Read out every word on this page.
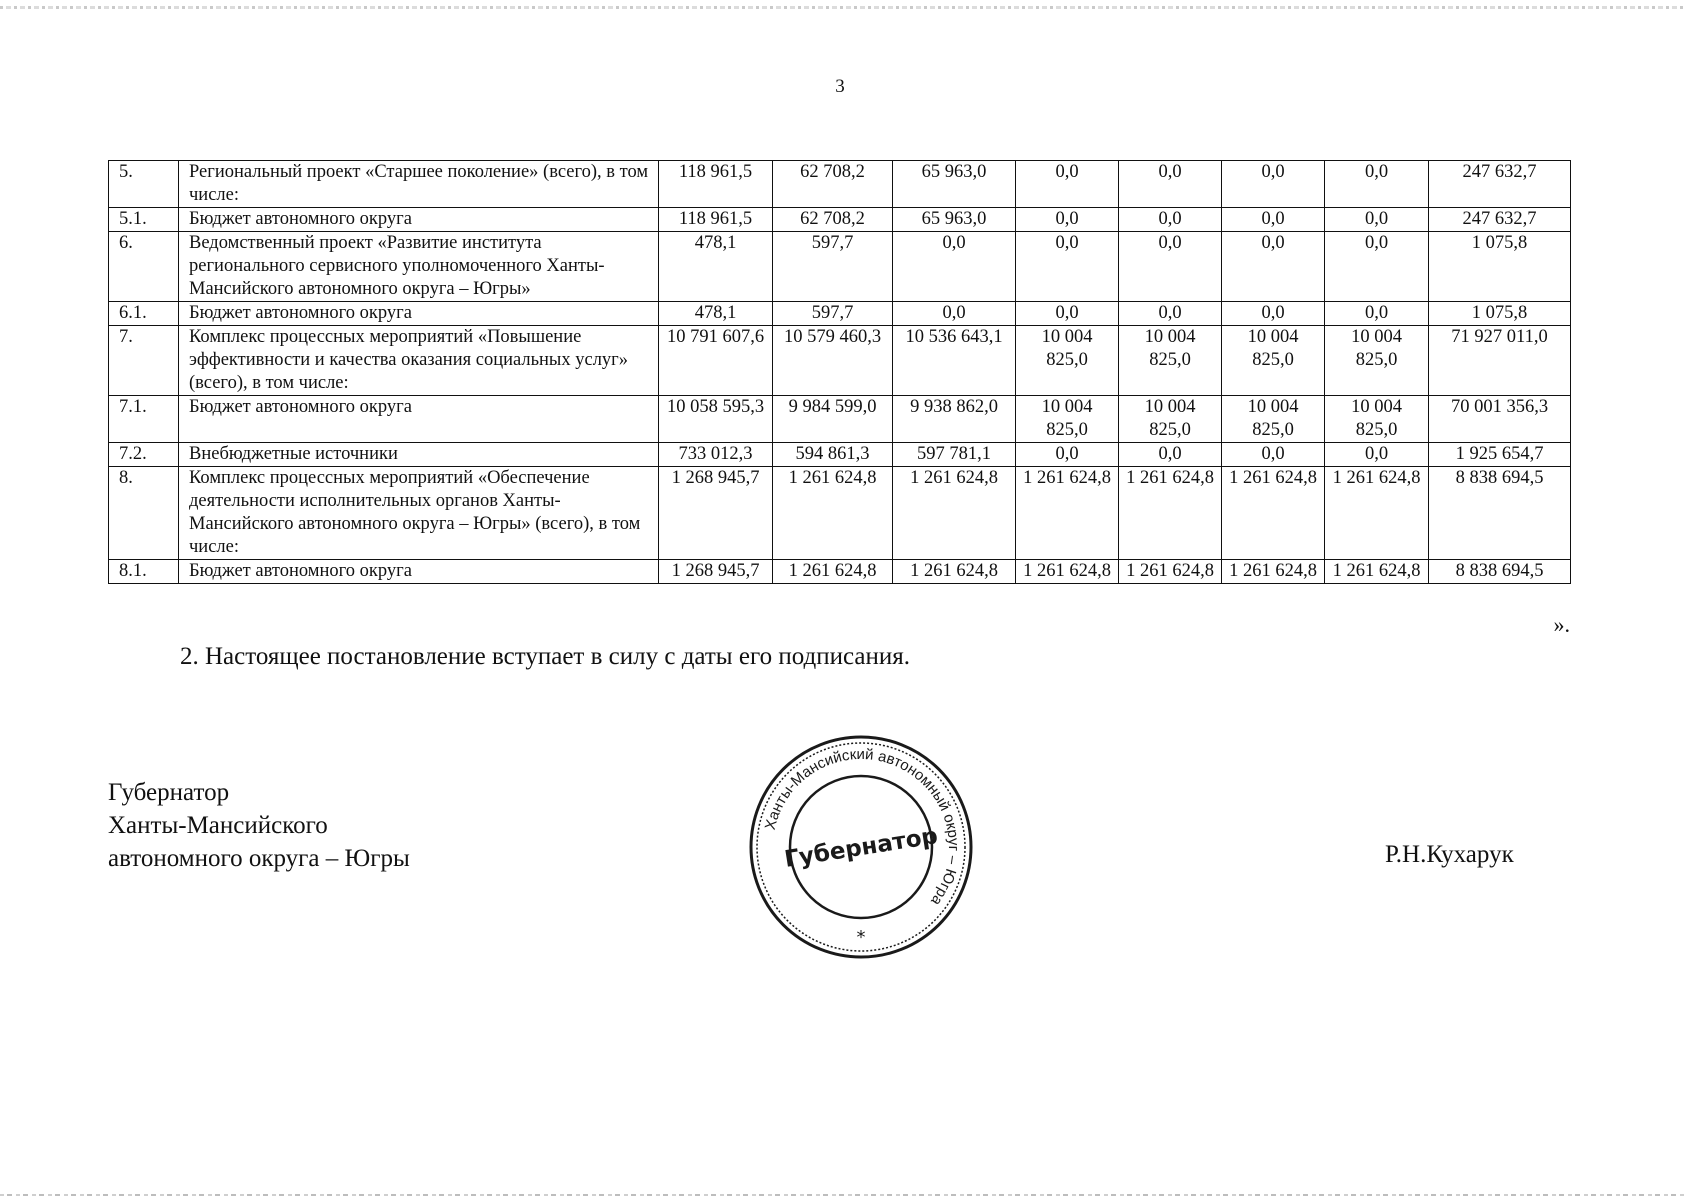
3
5.	Региональный проект «Старшее поколение» (всего), в том числе:	118 961,5	62 708,2	65 963,0	0,0	0,0	0,0	0,0	247 632,7
5.1.	Бюджет автономного округа	118 961,5	62 708,2	65 963,0	0,0	0,0	0,0	0,0	247 632,7
6.	Ведомственный проект «Развитие института регионального сервисного уполномоченного Ханты-Мансийского автономного округа – Югры»	478,1	597,7	0,0	0,0	0,0	0,0	0,0	1 075,8
6.1.	Бюджет автономного округа	478,1	597,7	0,0	0,0	0,0	0,0	0,0	1 075,8
7.	Комплекс процессных мероприятий «Повышение эффективности и качества оказания социальных услуг» (всего), в том числе:	10 791 607,6	10 579 460,3	10 536 643,1	10 004 825,0	10 004 825,0	10 004 825,0	10 004 825,0	71 927 011,0
7.1.	Бюджет автономного округа	10 058 595,3	9 984 599,0	9 938 862,0	10 004 825,0	10 004 825,0	10 004 825,0	10 004 825,0	70 001 356,3
7.2.	Внебюджетные источники	733 012,3	594 861,3	597 781,1	0,0	0,0	0,0	0,0	1 925 654,7
8.	Комплекс процессных мероприятий «Обеспечение деятельности исполнительных органов Ханты-Мансийского автономного округа – Югры» (всего), в том числе:	1 268 945,7	1 261 624,8	1 261 624,8	1 261 624,8	1 261 624,8	1 261 624,8	1 261 624,8	8 838 694,5
8.1.	Бюджет автономного округа	1 268 945,7	1 261 624,8	1 261 624,8	1 261 624,8	1 261 624,8	1 261 624,8	1 261 624,8	8 838 694,5
».
2. Настоящее постановление вступает в силу с даты его подписания.
Губернатор
Ханты-Мансийского
автономного округа – Югры	Р.Н.Кухарук
Ханты-Мансийский автономный округ – Югра
Губернатор
*
